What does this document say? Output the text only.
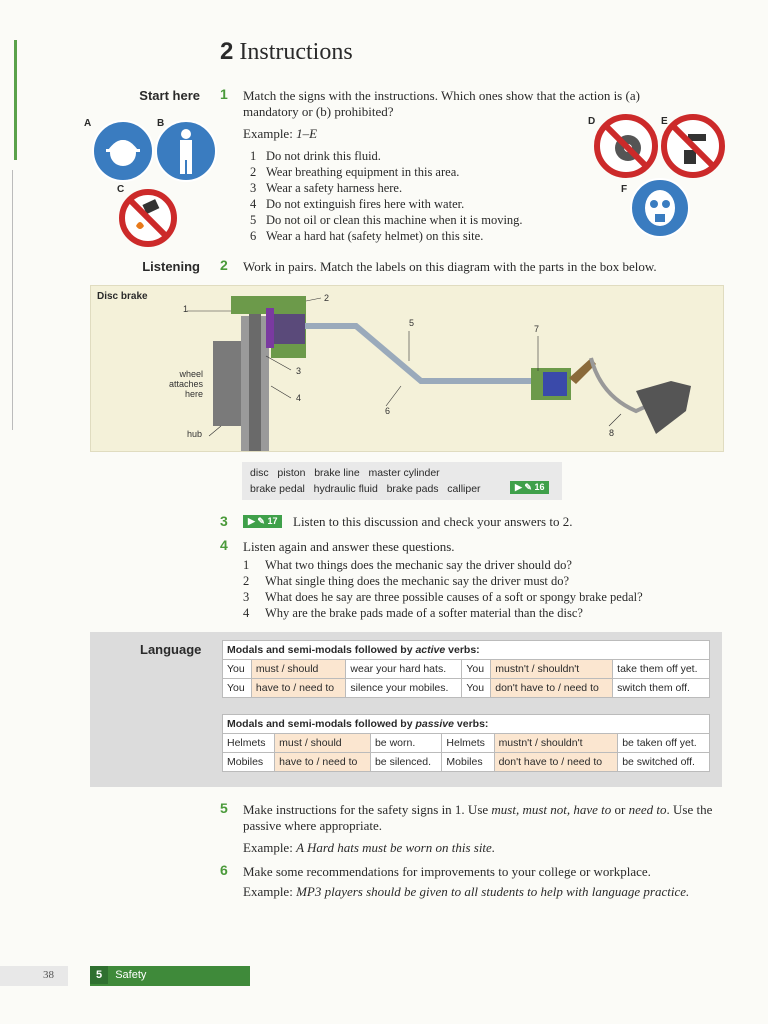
2 Instructions
Start here 1 Match the signs with the instructions. Which ones show that the action is (a) mandatory or (b) prohibited?
Example: 1–E
1 Do not drink this fluid.
2 Wear breathing equipment in this area.
3 Wear a safety harness here.
4 Do not extinguish fires here with water.
5 Do not oil or clean this machine when it is moving.
6 Wear a hard hat (safety helmet) on this site.
A	B
C
D	E
F
Listening 2 Work in pairs. Match the labels on this diagram with the parts in the box below.
Disc brake
1
2
3
4
5
6
7
8
wheel attaches here
hub
disc   piston   brake line   master cylinder
brake pedal   hydraulic fluid   brake pads   calliper	▶ ✎ 16
3	▶ ✎ 17	Listen to this discussion and check your answers to 2.
4 Listen again and answer these questions.
1	What two things does the mechanic say the driver should do?
2	What single thing does the mechanic say the driver must do?
3	What does he say are three possible causes of a soft or spongy brake pedal?
4	Why are the brake pads made of a softer material than the disc?
Language Modals and semi-modals followed by active verbs:					
You	must / should	wear your hard hats.	You	mustn't / shouldn't	take them off yet.
You	have to / need to	silence your mobiles.	You	don't have to / need to	switch them off.
Modals and semi-modals followed by passive verbs:					
Helmets	must / should	be worn.	Helmets	mustn't / shouldn't	be taken off yet.
Mobiles	have to / need to	be silenced.	Mobiles	don't have to / need to	be switched off.
5 Make instructions for the safety signs in 1. Use must, must not, have to or need to. Use the passive where appropriate.
Example: A Hard hats must be worn on this site.
6 Make some recommendations for improvements to your college or workplace.
Example: MP3 players should be given to all students to help with language practice.
38	5 Safety
